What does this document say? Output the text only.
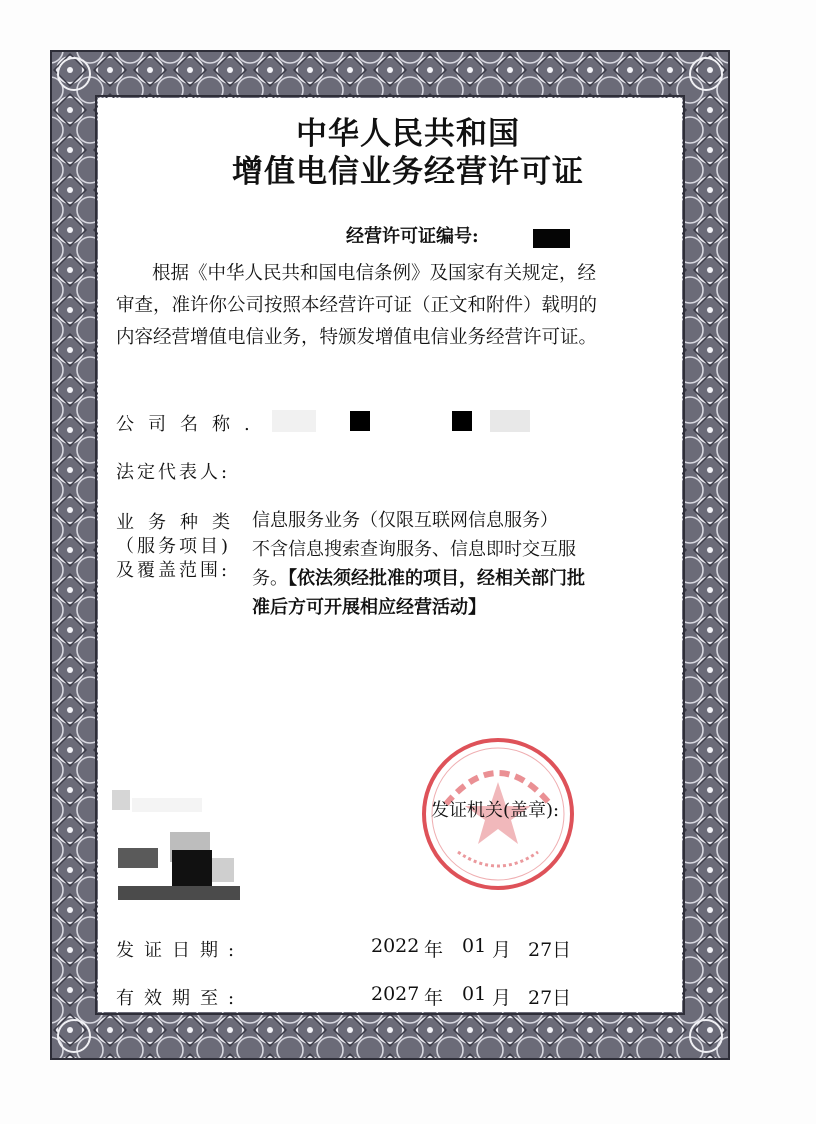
中华人民共和国
增值电信业务经营许可证
经营许可证编号:
根据《中华人民共和国电信条例》及国家有关规定，经
审查，准许你公司按照本经营许可证（正文和附件）载明的
内容经营增值电信业务，特颁发增值电信业务经营许可证。
公司名称.
法定代表人:
业务种类
（服务项目)
及覆盖范围:
信息服务业务（仅限互联网信息服务）
不含信息搜索查询服务、信息即时交互服
务。【依法须经批准的项目，经相关部门批
准后方可开展相应经营活动】
发证机关(盖章):
发证日期:	2022 年 01 月 27日
有效期至:	2027 年 01 月 27日
